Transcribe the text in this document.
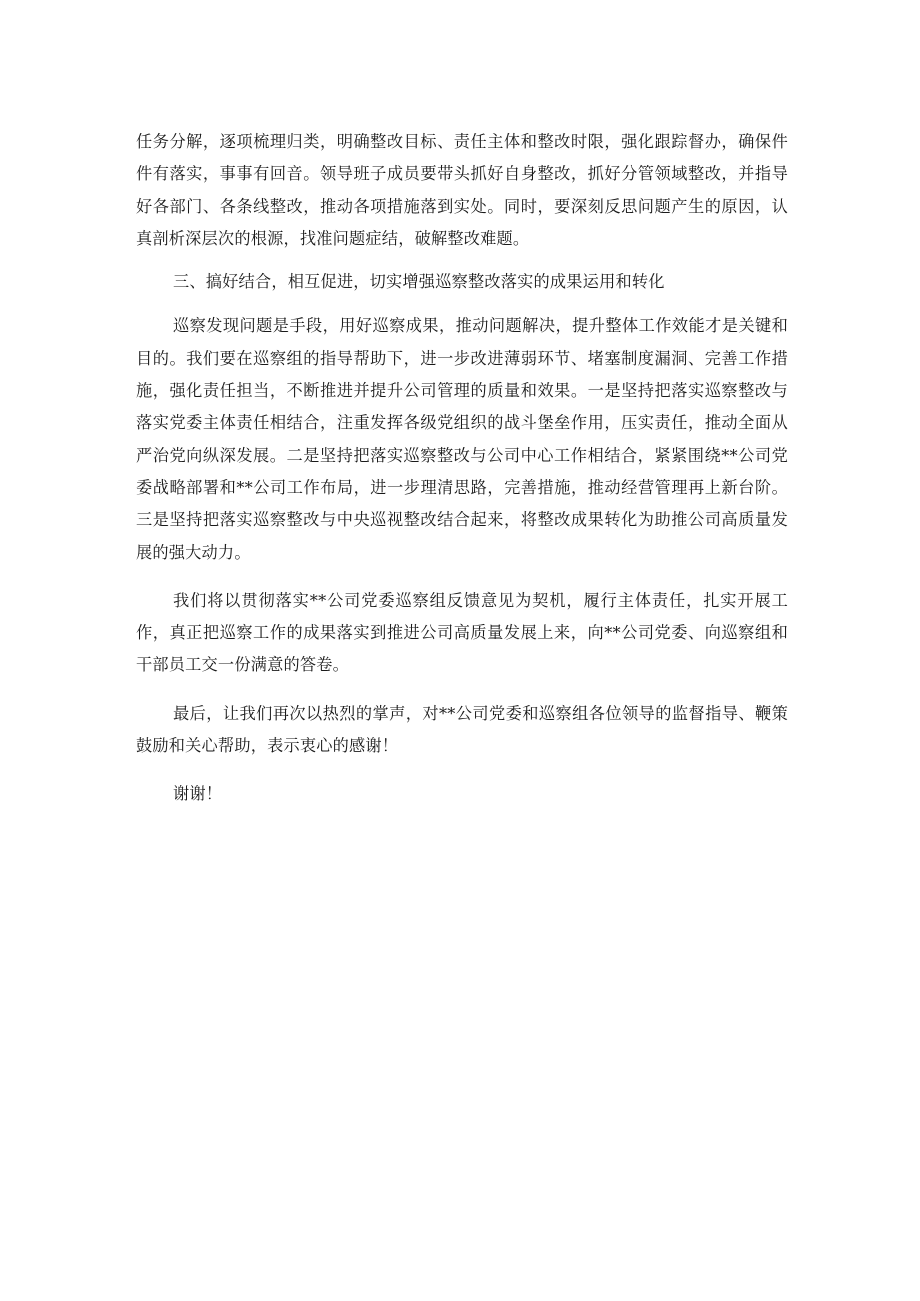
任务分解，逐项梳理归类，明确整改目标、责任主体和整改时限，强化跟踪督办，确保件件有落实，事事有回音。领导班子成员要带头抓好自身整改，抓好分管领域整改，并指导好各部门、各条线整改，推动各项措施落到实处。同时，要深刻反思问题产生的原因，认真剖析深层次的根源，找准问题症结，破解整改难题。

三、搞好结合，相互促进，切实增强巡察整改落实的成果运用和转化

巡察发现问题是手段，用好巡察成果，推动问题解决，提升整体工作效能才是关键和目的。我们要在巡察组的指导帮助下，进一步改进薄弱环节、堵塞制度漏洞、完善工作措施，强化责任担当，不断推进并提升公司管理的质量和效果。一是坚持把落实巡察整改与落实党委主体责任相结合，注重发挥各级党组织的战斗堡垒作用，压实责任，推动全面从严治党向纵深发展。二是坚持把落实巡察整改与公司中心工作相结合，紧紧围绕**公司党委战略部署和**公司工作布局，进一步理清思路，完善措施，推动经营管理再上新台阶。三是坚持把落实巡察整改与中央巡视整改结合起来，将整改成果转化为助推公司高质量发展的强大动力。

我们将以贯彻落实**公司党委巡察组反馈意见为契机，履行主体责任，扎实开展工作，真正把巡察工作的成果落实到推进公司高质量发展上来，向**公司党委、向巡察组和干部员工交一份满意的答卷。

最后，让我们再次以热烈的掌声，对**公司党委和巡察组各位领导的监督指导、鞭策鼓励和关心帮助，表示衷心的感谢！

谢谢！
